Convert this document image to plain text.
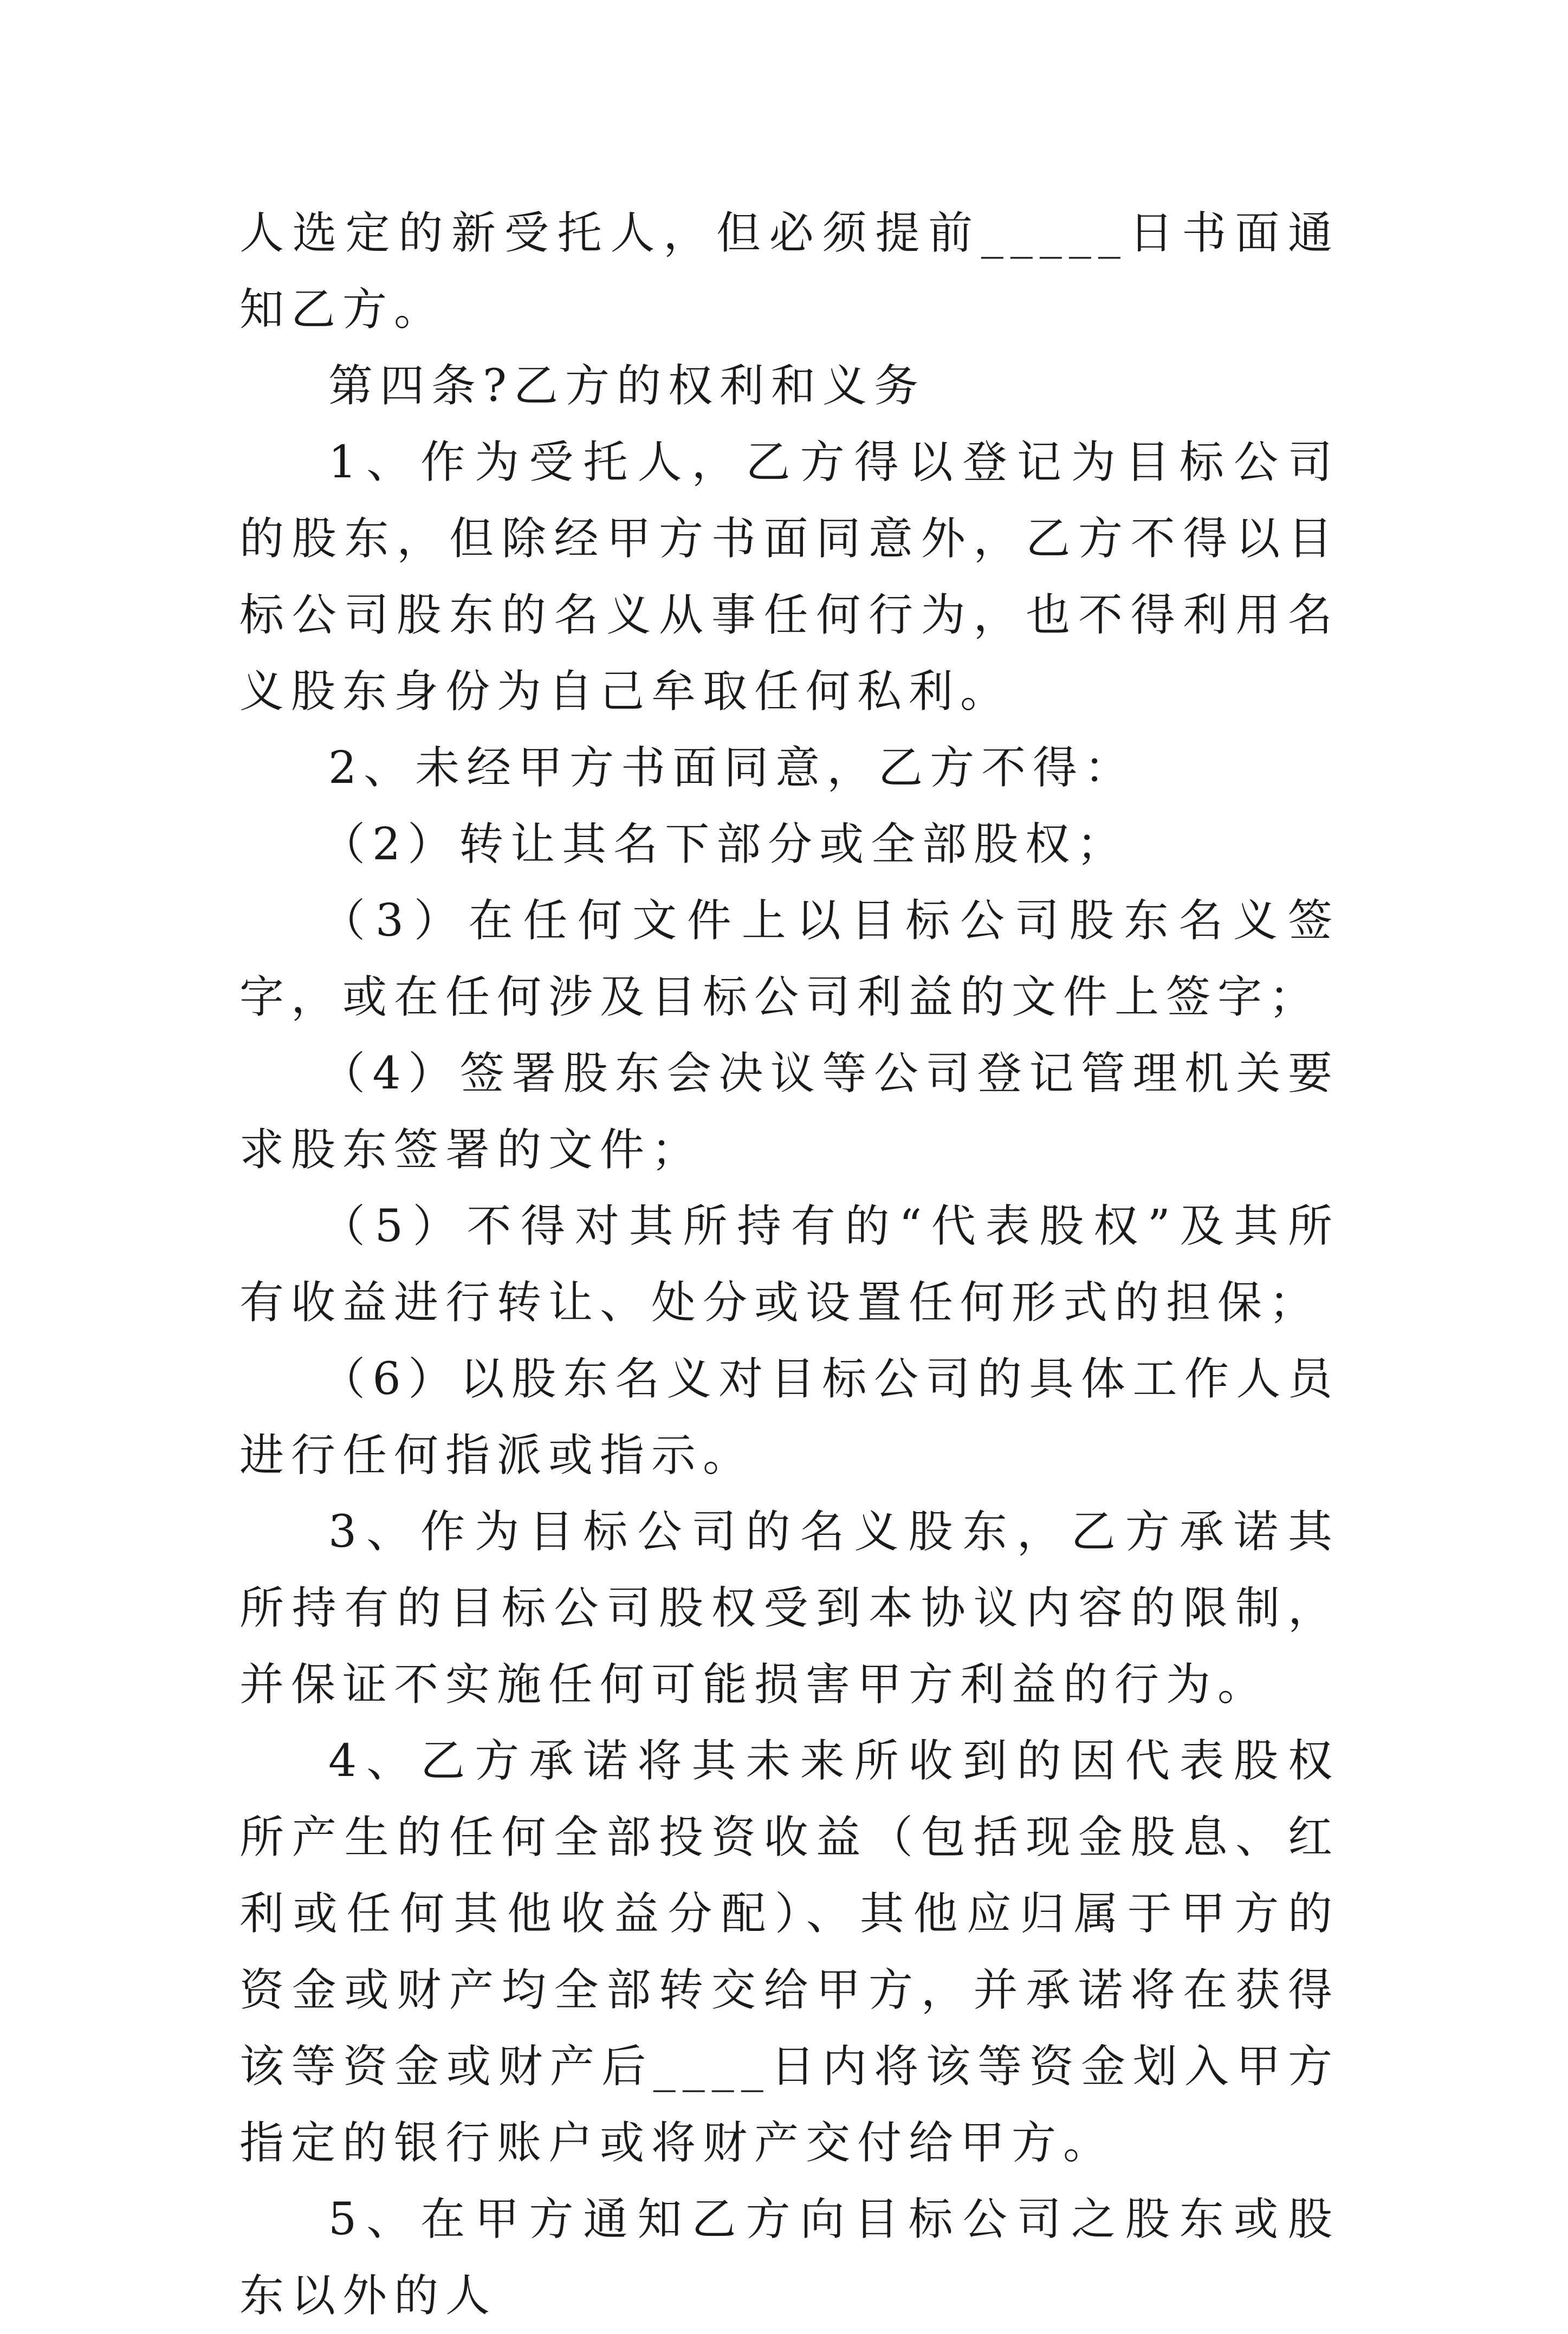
人选定的新受托人，但必须提前_____日书面通知乙方。

第四条?乙方的权利和义务

1、作为受托人，乙方得以登记为目标公司的股东，但除经甲方书面同意外，乙方不得以目标公司股东的名义从事任何行为，也不得利用名义股东身份为自己牟取任何私利。

2、未经甲方书面同意，乙方不得：

（2）转让其名下部分或全部股权；

（3）在任何文件上以目标公司股东名义签字，或在任何涉及目标公司利益的文件上签字；

（4）签署股东会决议等公司登记管理机关要求股东签署的文件；

（5）不得对其所持有的“代表股权”及其所有收益进行转让、处分或设置任何形式的担保；

（6）以股东名义对目标公司的具体工作人员进行任何指派或指示。

3、作为目标公司的名义股东，乙方承诺其所持有的目标公司股权受到本协议内容的限制，并保证不实施任何可能损害甲方利益的行为。

4、乙方承诺将其未来所收到的因代表股权所产生的任何全部投资收益（包括现金股息、红利或任何其他收益分配）、其他应归属于甲方的资金或财产均全部转交给甲方，并承诺将在获得该等资金或财产后____日内将该等资金划入甲方指定的银行账户或将财产交付给甲方。

5、在甲方通知乙方向目标公司之股东或股东以外的人
